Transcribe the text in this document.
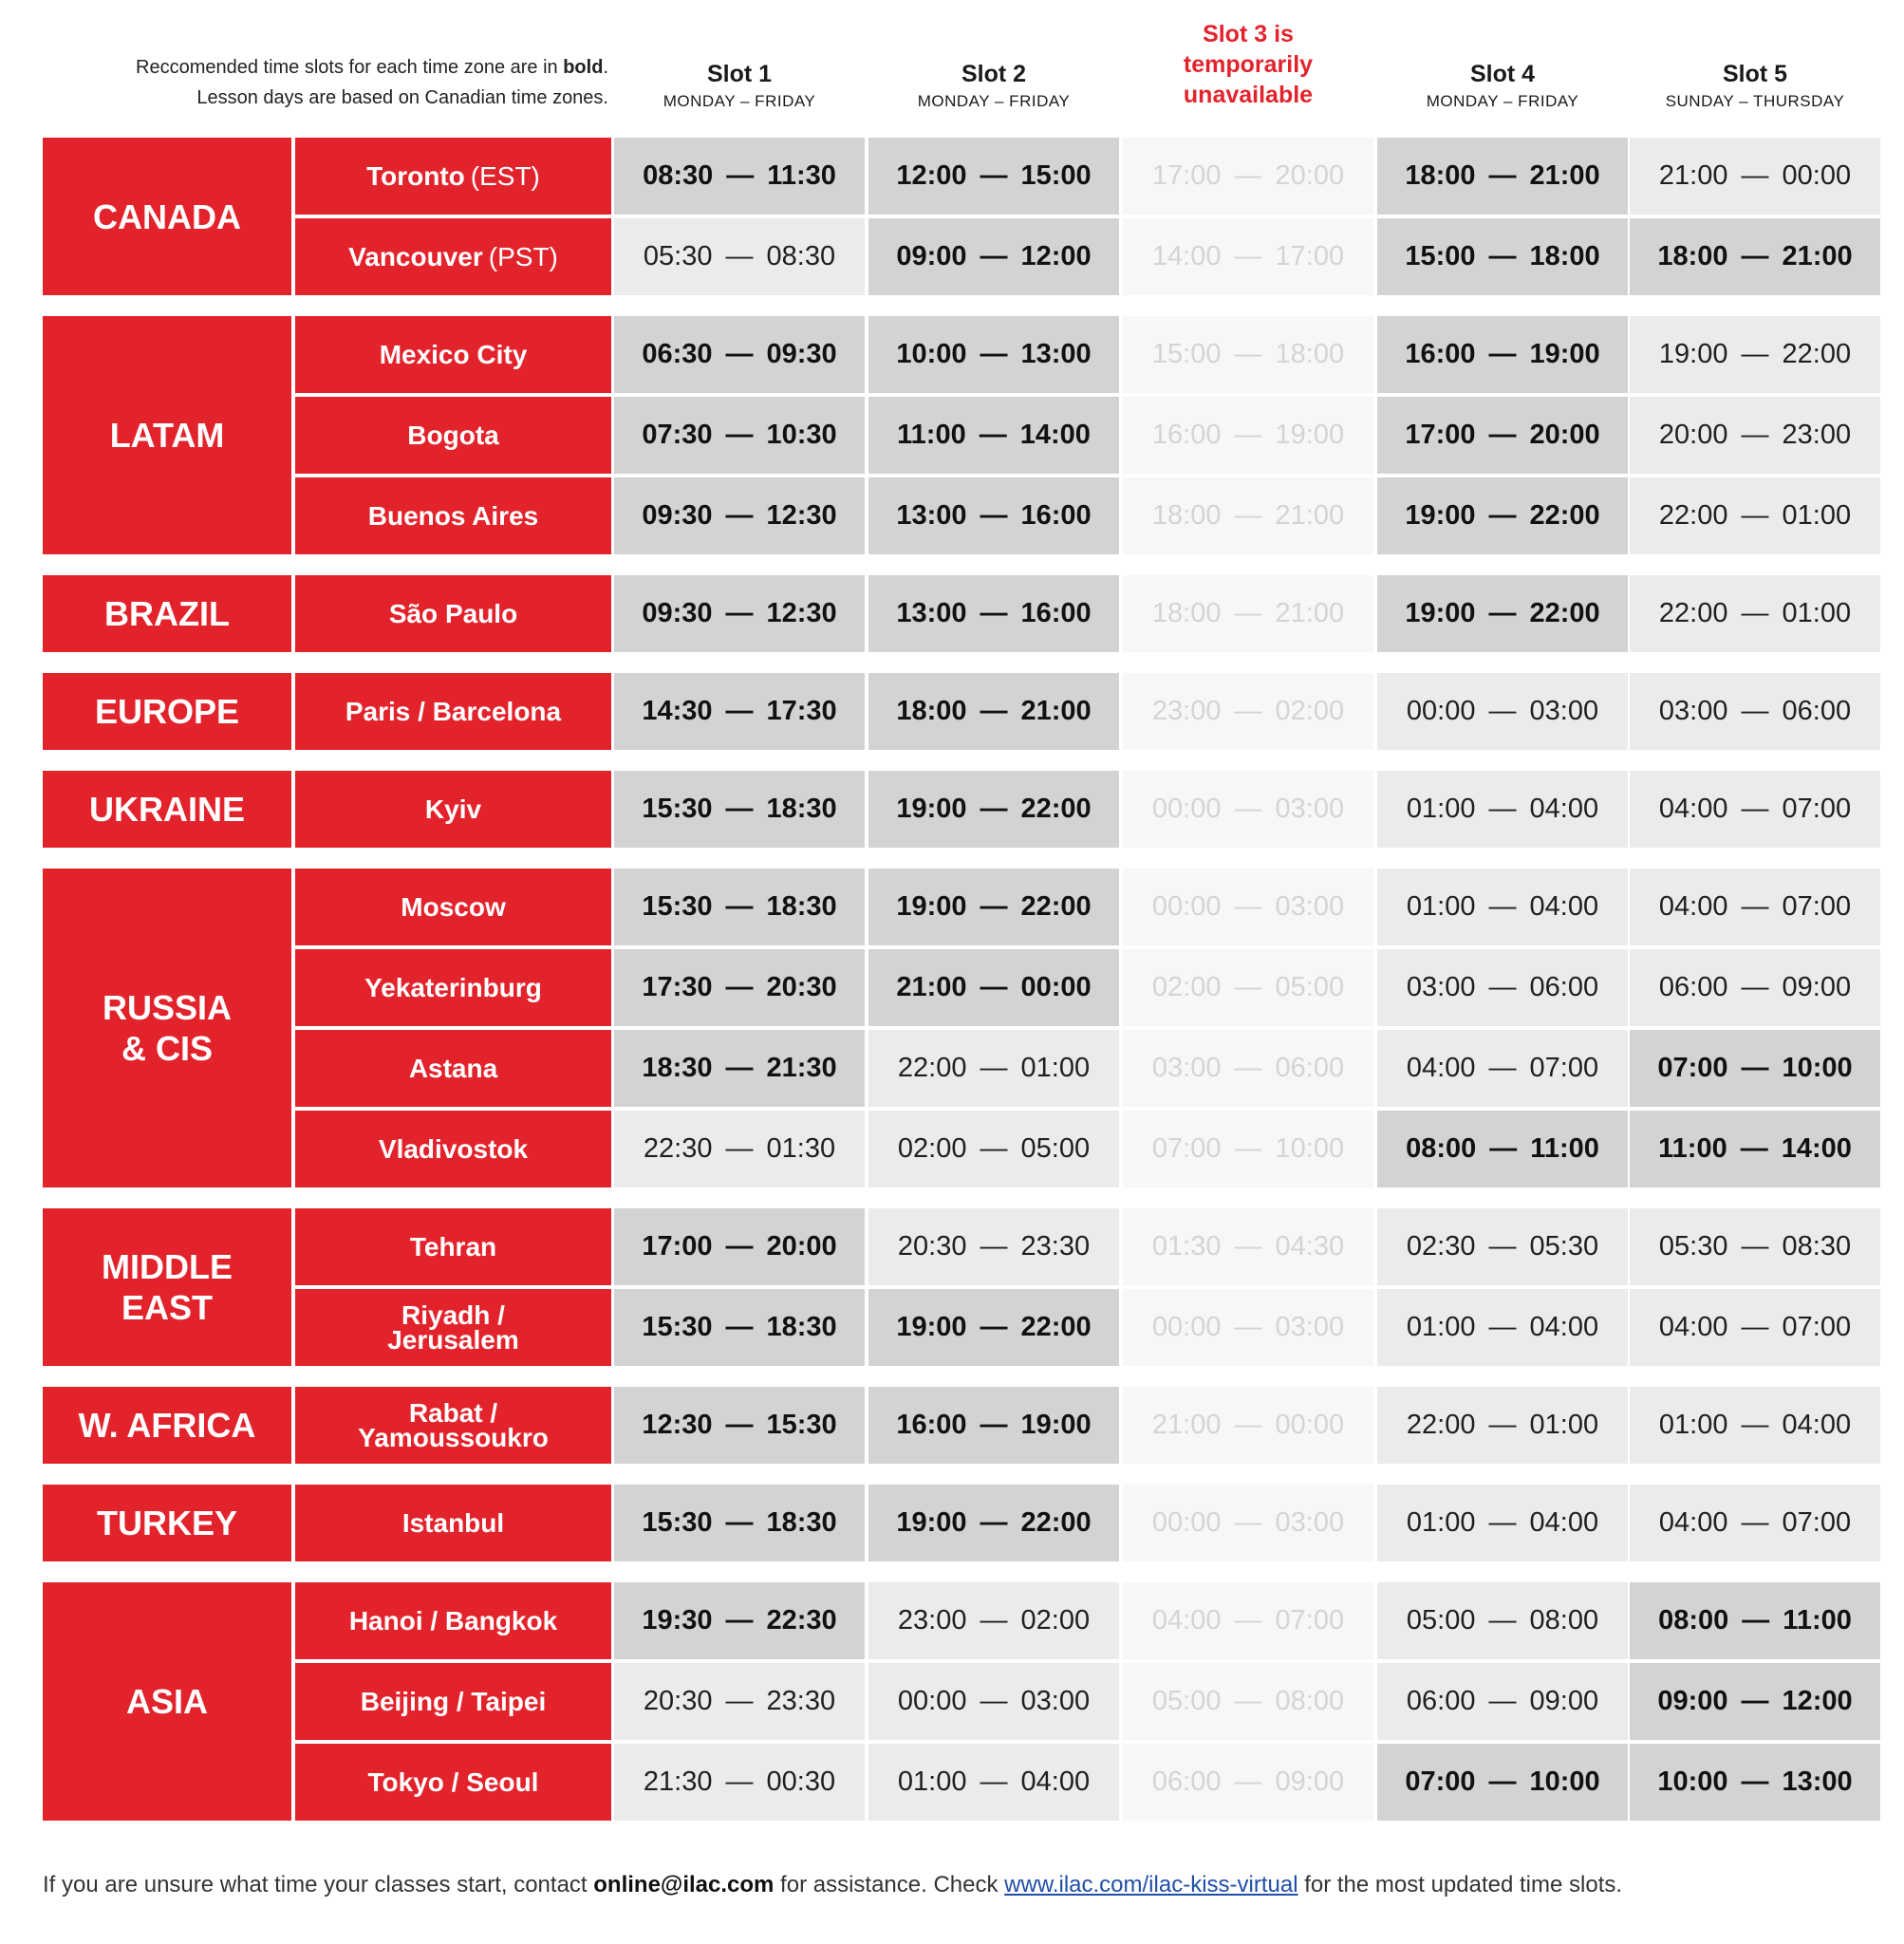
Reccomended time slots for each time zone are in bold.
Lesson days are based on Canadian time zones.
Slot 1
MONDAY – FRIDAY
Slot 2
MONDAY – FRIDAY
Slot 3 is
temporarily
unavailable
Slot 4
MONDAY – FRIDAY
Slot 5
SUNDAY – THURSDAY
CANADA
Toronto (EST)	08:30 — 11:30 12:00 — 15:00 17:00 — 20:00 18:00 — 21:00 21:00 — 00:00
Vancouver (PST)	05:30 — 08:30 09:00 — 12:00 14:00 — 17:00 15:00 — 18:00 18:00 — 21:00
LATAM
Mexico City	06:30 — 09:30 10:00 — 13:00 15:00 — 18:00 16:00 — 19:00 19:00 — 22:00
Bogota	07:30 — 10:30 11:00 — 14:00 16:00 — 19:00 17:00 — 20:00 20:00 — 23:00
Buenos Aires	09:30 — 12:30 13:00 — 16:00 18:00 — 21:00 19:00 — 22:00 22:00 — 01:00
BRAZIL	São Paulo	09:30 — 12:30 13:00 — 16:00 18:00 — 21:00 19:00 — 22:00 22:00 — 01:00
EUROPE	Paris / Barcelona	14:30 — 17:30 18:00 — 21:00 23:00 — 02:00 00:00 — 03:00 03:00 — 06:00
UKRAINE	Kyiv	15:30 — 18:30 19:00 — 22:00 00:00 — 03:00 01:00 — 04:00 04:00 — 07:00
RUSSIA
& CIS
Moscow	15:30 — 18:30 19:00 — 22:00 00:00 — 03:00 01:00 — 04:00 04:00 — 07:00
Yekaterinburg	17:30 — 20:30 21:00 — 00:00 02:00 — 05:00 03:00 — 06:00 06:00 — 09:00
Astana	18:30 — 21:30 22:00 — 01:00 03:00 — 06:00 04:00 — 07:00 07:00 — 10:00
Vladivostok	22:30 — 01:30 02:00 — 05:00 07:00 — 10:00 08:00 — 11:00 11:00 — 14:00
MIDDLE
EAST
Tehran	17:00 — 20:00 20:30 — 23:30 01:30 — 04:30 02:30 — 05:30 05:30 — 08:30
Riyadh /
Jerusalem	15:30 — 18:30 19:00 — 22:00 00:00 — 03:00 01:00 — 04:00 04:00 — 07:00
W. AFRICA	Rabat /
Yamoussoukro	12:30 — 15:30 16:00 — 19:00 21:00 — 00:00 22:00 — 01:00 01:00 — 04:00
TURKEY	Istanbul	15:30 — 18:30 19:00 — 22:00 00:00 — 03:00 01:00 — 04:00 04:00 — 07:00
ASIA
Hanoi / Bangkok	19:30 — 22:30 23:00 — 02:00 04:00 — 07:00 05:00 — 08:00 08:00 — 11:00
Beijing / Taipei	20:30 — 23:30 00:00 — 03:00 05:00 — 08:00 06:00 — 09:00 09:00 — 12:00
Tokyo / Seoul	21:30 — 00:30 01:00 — 04:00 06:00 — 09:00 07:00 — 10:00 10:00 — 13:00
If you are unsure what time your classes start, contact online@ilac.com for assistance. Check www.ilac.com/ilac-kiss-virtual for the most updated time slots.
